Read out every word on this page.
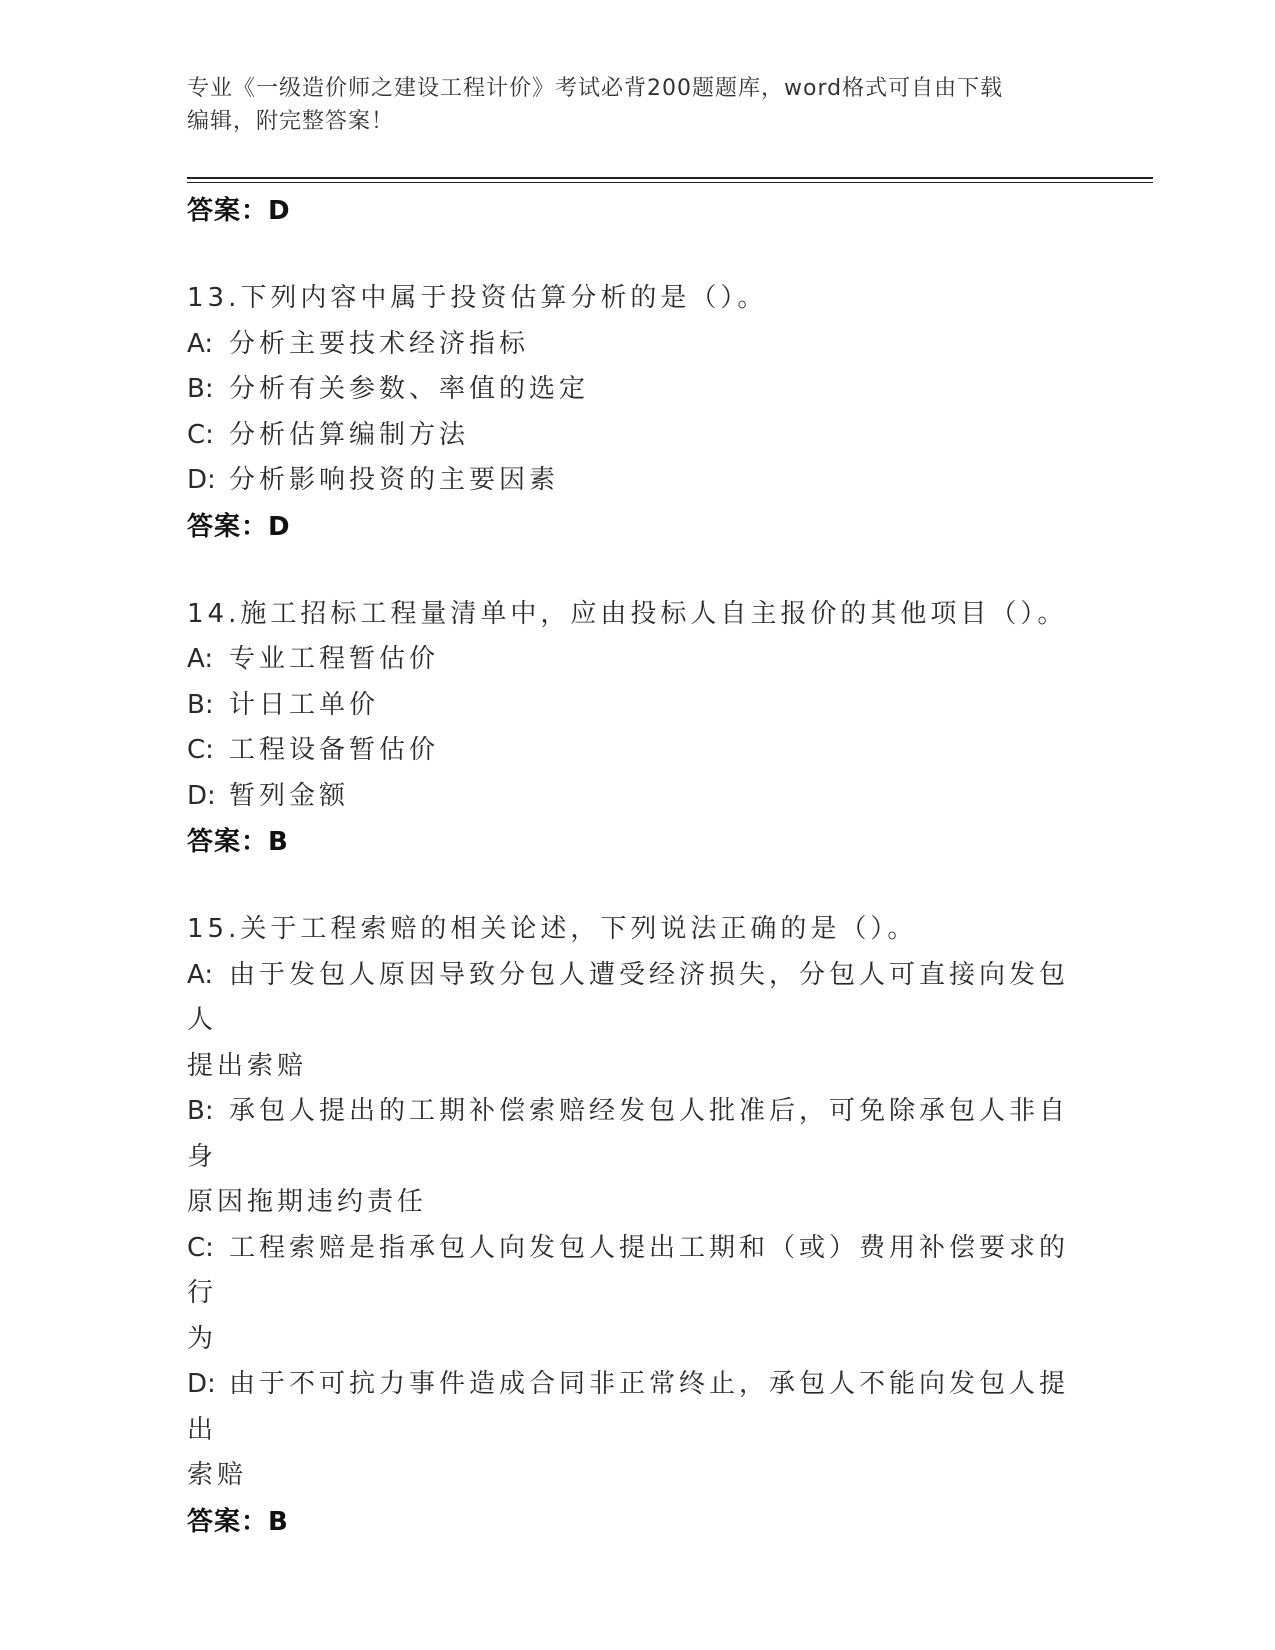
专业《一级造价师之建设工程计价》考试必背200题题库，word格式可自由下载
编辑，附完整答案！
答案：D
13.下列内容中属于投资估算分析的是（）。
A: 分析主要技术经济指标
B: 分析有关参数、率值的选定
C: 分析估算编制方法
D: 分析影响投资的主要因素
答案：D
14.施工招标工程量清单中，应由投标人自主报价的其他项目（）。
A: 专业工程暂估价
B: 计日工单价
C: 工程设备暂估价
D: 暂列金额
答案：B
15.关于工程索赔的相关论述，下列说法正确的是（）。
A: 由于发包人原因导致分包人遭受经济损失，分包人可直接向发包人
提出索赔
B: 承包人提出的工期补偿索赔经发包人批准后，可免除承包人非自身
原因拖期违约责任
C: 工程索赔是指承包人向发包人提出工期和（或）费用补偿要求的行
为
D: 由于不可抗力事件造成合同非正常终止，承包人不能向发包人提出
索赔
答案：B
